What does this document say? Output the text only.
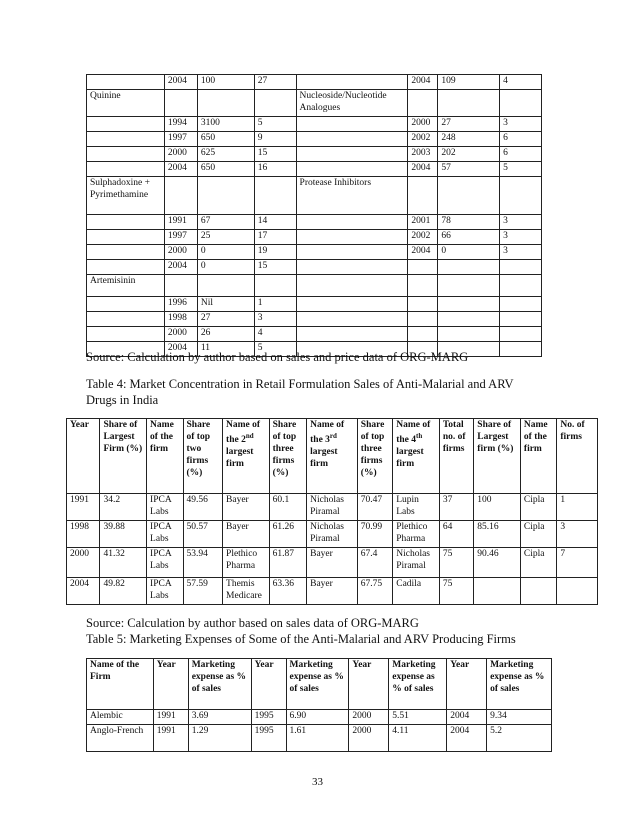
	2004	100	27		2004	109	4
Quinine				Nucleoside/Nucleotide Analogues			
	1994	3100	5		2000	27	3
	1997	650	9		2002	248	6
	2000	625	15		2003	202	6
	2004	650	16		2004	57	5
Sulphadoxine + Pyrimethamine				Protease Inhibitors			
	1991	67	14		2001	78	3
	1997	25	17		2002	66	3
	2000	0	19		2004	0	3
	2004	0	15				
Artemisinin							
	1996	Nil	1				
	1998	27	3				
	2000	26	4				
	2004	11	5				
Source: Calculation by author based on sales and price data of ORG-MARG
Table 4: Market Concentration in Retail Formulation Sales of Anti-Malarial and ARV
Drugs in India
Year	Share of Largest Firm (%)	Name of the firm	Share of top two firms (%)	Name of the 2nd largest firm	Share of top three firms (%)	Name of the 3rd largest firm	Share of top three firms (%)	Name of the 4th largest firm	Total no. of firms	Share of Largest firm (%)	Name of the firm	No. of firms
1991	34.2	IPCA Labs	49.56	Bayer	60.1	Nicholas Piramal	70.47	Lupin Labs	37	100	Cipla	1
1998	39.88	IPCA Labs	50.57	Bayer	61.26	Nicholas Piramal	70.99	Plethico Pharma	64	85.16	Cipla	3
2000	41.32	IPCA Labs	53.94	Plethico Pharma	61.87	Bayer	67.4	Nicholas Piramal	75	90.46	Cipla	7
2004	49.82	IPCA Labs	57.59	Themis Medicare	63.36	Bayer	67.75	Cadila	75			
Source: Calculation by author based on sales data of ORG-MARG
Table 5: Marketing Expenses of Some of the Anti-Malarial and ARV Producing Firms
Name of the Firm	Year	Marketing expense as % of sales	Year	Marketing expense as % of sales	Year	Marketing expense as % of sales	Year	Marketing expense as % of sales
Alembic	1991	3.69	1995	6.90	2000	5.51	2004	9.34
Anglo-French	1991	1.29	1995	1.61	2000	4.11	2004	5.2
33
